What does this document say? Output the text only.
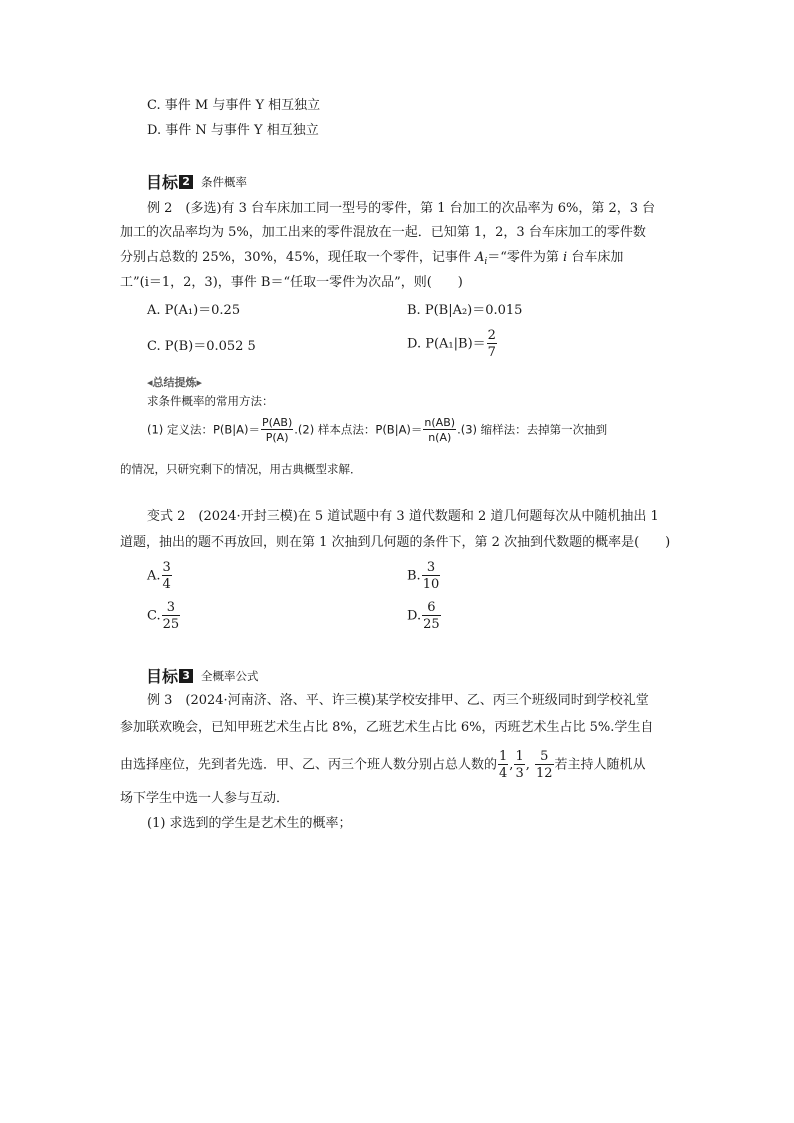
C. 事件 M 与事件 Y 相互独立
D. 事件 N 与事件 Y 相互独立
目标 2 条件概率
例 2　(多选)有 3 台车床加工同一型号的零件，第 1 台加工的次品率为 6%，第 2，3 台
加工的次品率均为 5%，加工出来的零件混放在一起．已知第 1，2，3 台车床加工的零件数
分别占总数的 25%，30%，45%，现任取一个零件，记事件 $A_i=“$零件为第 i 台车床加
工”(i＝1，2，3)，事件 B＝“任取一零件为次品”，则(　　)
A. P(A₁)＝0.25	B. P(B|A₂)＝0.015
C. P(B)＝0.052 5	D. $P(A_1|B)= \frac{2}{7}$
◂总结提炼▸
求条件概率的常用方法：
(1) 定义法：$P(B|A)= \frac{P(AB)}{P(A)} .(2)$ 样本点法：$P(B|A)= \frac{n(AB)}{n(A)} .(3)$ 缩样法：去掉第一次抽到
的情况，只研究剩下的情况，用古典概型求解．
变式 2　(2024·开封三模)在 5 道试题中有 3 道代数题和 2 道几何题每次从中随机抽出 1
道题，抽出的题不再放回，则在第 1 次抽到几何题的条件下，第 2 次抽到代数题的概率是(　　)
A. $\frac{3}{4}$	B. $\frac{3}{10}$
C. $\frac{3}{25}$	D. $\frac{6}{25}$
目标 3 全概率公式
例 3　(2024·河南济、洛、平、许三模)某学校安排甲、乙、丙三个班级同时到学校礼堂
参加联欢晚会，已知甲班艺术生占比 8%，乙班艺术生占比 6%，丙班艺术生占比 5%.学生自
由选择座位，先到者先选．甲、乙、丙三个班人数分别占总人数的 $\frac{1}{4}$ , $\frac{1}{3}$ , $\frac{5}{12}$ 若主持人随机从
场下学生中选一人参与互动．
(1) 求选到的学生是艺术生的概率；
